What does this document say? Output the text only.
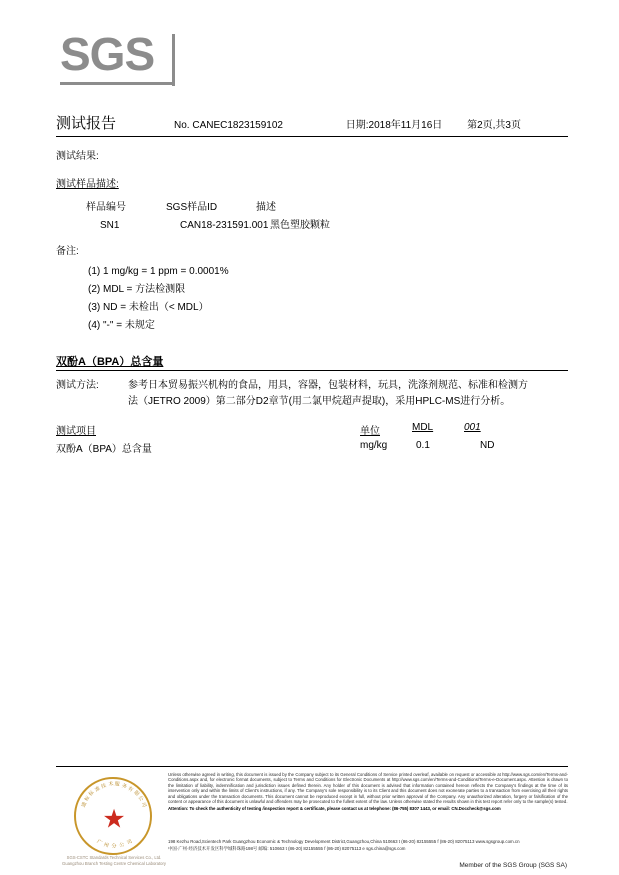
SGS
测试报告	No. CANEC1823159102	日期:2018年11月16日 第2页,共3页
测试结果:
测试样品描述:
样品编号	SGS样品ID	描述
SN1	CAN18-231591.001 黑色塑胶颗粒
备注:
(1) 1 mg/kg = 1 ppm = 0.0001%
(2) MDL = 方法检测限
(3) ND = 未检出（< MDL）
(4) "-" = 未规定
双酚A（BPA）总含量
测试方法:	参考日本贸易振兴机构的食品，用具，容器，包装材料，玩具，洗涤剂规范、标准和检测方
法（JETRO 2009）第二部分D2章节(用二氯甲烷超声提取)，采用HPLC-MS进行分析。
测试项目	单位	MDL	001
双酚A（BPA）总含量	mg/kg	0.1	ND
★
通
标
标
准 技 术 服 务 有
限
公
司
广 州 分 公 司
SGS-CSTC Standards Technical Services Co., Ltd.
Guangzhou Branch Testing Centre Chemical Laboratory
Unless otherwise agreed in writing, this document is issued by the Company subject to its General Conditions of Service printed overleaf, available on request or accessible at http://www.sgs.com/en/Terms-and-Conditions.aspx and, for electronic format documents, subject to Terms and Conditions for Electronic Documents at http://www.sgs.com/en/Terms-and-Conditions/Terms-e-Document.aspx. Attention is drawn to the limitation of liability, indemnification and jurisdiction issues defined therein. Any holder of this document is advised that information contained hereon reflects the Company's findings at the time of its intervention only and within the limits of Client's instructions, if any. The Company's sole responsibility is to its Client and this document does not exonerate parties to a transaction from exercising all their rights and obligations under the transaction documents. This document cannot be reproduced except in full, without prior written approval of the Company. Any unauthorized alteration, forgery or falsification of the content or appearance of this document is unlawful and offenders may be prosecuted to the fullest extent of the law. Unless otherwise stated the results shown in this test report refer only to the sample(s) tested.
Attention: To check the authenticity of testing /inspection report & certificate, please contact us at telephone: (86-755) 8307 1443, or email: CN.Doccheck@sgs.com
198 Kezhu Road,Scientech Park Guangzhou Economic & Technology Development District,Guangzhou,China 510663 t (86-20) 82155555 f (86-20) 82075113 www.sgsgroup.com.cn
中国·广州·经济技术开发区科学城科珠路198号 邮编: 510663 t (86-20) 82155555 f (86-20) 82075113 e sgs.china@sgs.com
Member of the SGS Group (SGS SA)
